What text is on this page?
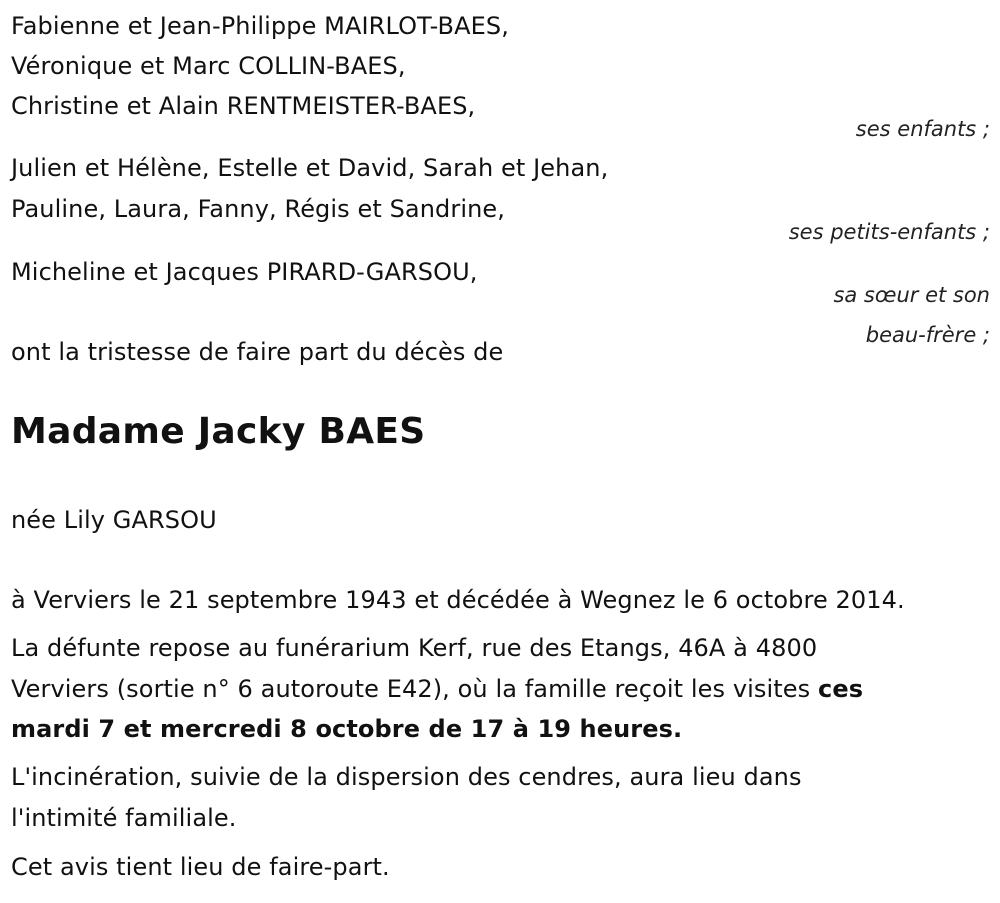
Fabienne et Jean-Philippe MAIRLOT-BAES,
Véronique et Marc COLLIN-BAES,
Christine et Alain RENTMEISTER-BAES,
ses enfants ;
Julien et Hélène, Estelle et David, Sarah et Jehan,
Pauline, Laura, Fanny, Régis et Sandrine,
ses petits-enfants ;
Micheline et Jacques PIRARD-GARSOU,
sa sœur et son
beau-frère ;
ont la tristesse de faire part du décès de
Madame Jacky BAES
née Lily GARSOU
à Verviers le 21 septembre 1943 et décédée à Wegnez le 6 octobre 2014.
La défunte repose au funérarium Kerf, rue des Etangs, 46A à 4800
Verviers (sortie n° 6 autoroute E42), où la famille reçoit les visites ces
mardi 7 et mercredi 8 octobre de 17 à 19 heures.
L'incinération, suivie de la dispersion des cendres, aura lieu dans
l'intimité familiale.
Cet avis tient lieu de faire-part.
